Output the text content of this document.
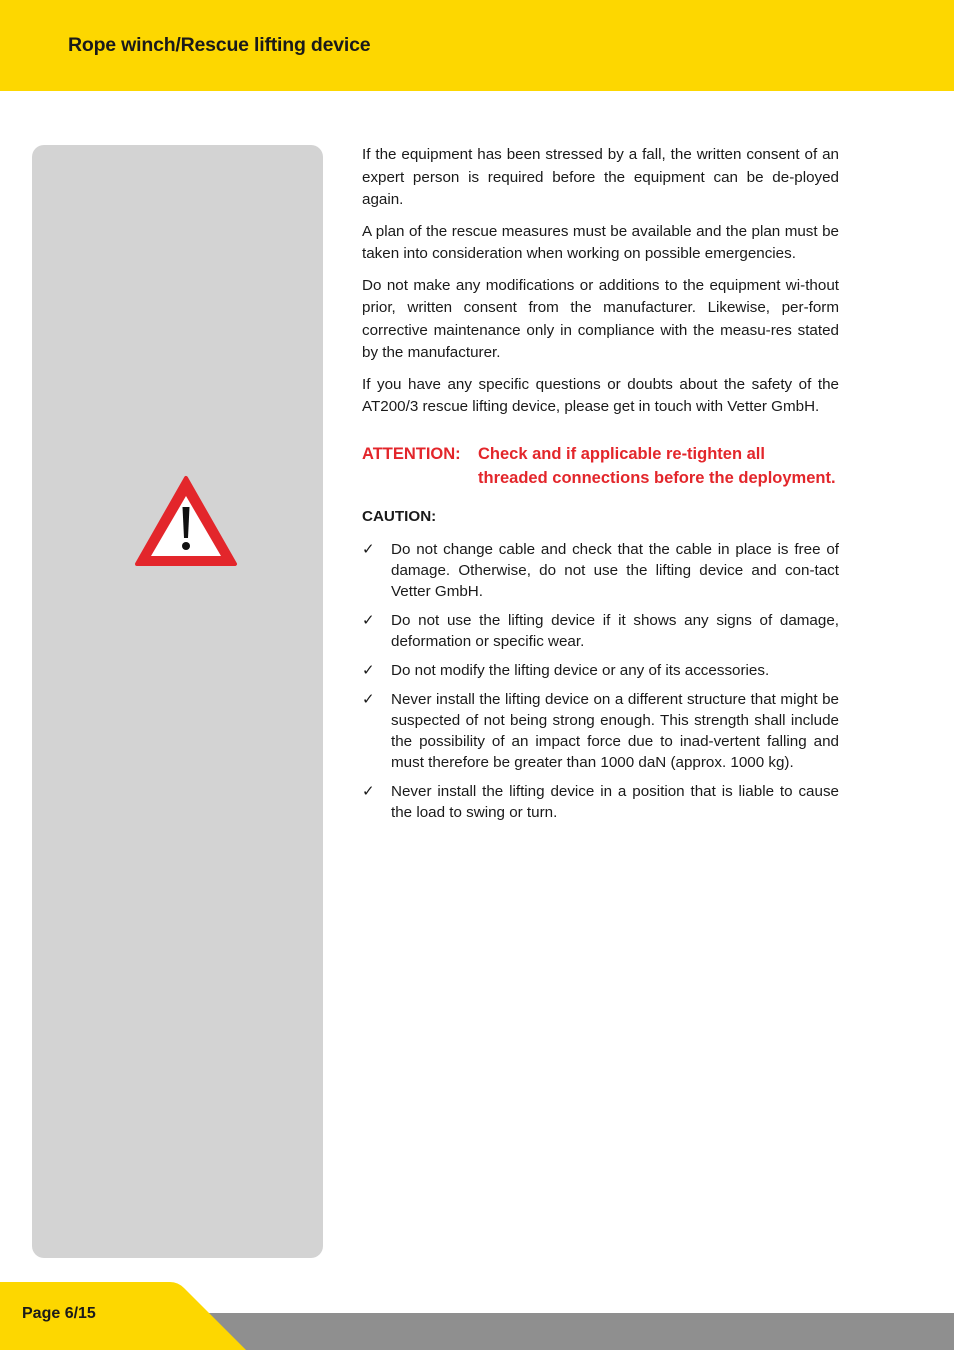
Rope winch/Rescue lifting device

If the equipment has been stressed by a fall, the written consent of an expert person is required before the equipment can be de-ployed again.

A plan of the rescue measures must be available and the plan must be taken into consideration when working on possible emergencies.

Do not make any modifications or additions to the equipment wi-thout prior, written consent from the manufacturer. Likewise, per-form corrective maintenance only in compliance with the measu-res stated by the manufacturer.

If you have any specific questions or doubts about the safety of the AT200/3 rescue lifting device, please get in touch with Vetter GmbH.

ATTENTION:	Check and if applicable re-tighten all threaded connections before the deployment.
CAUTION:
✓	Do not change cable and check that the cable in place is free of damage. Otherwise, do not use the lifting device and con-tact Vetter GmbH.
✓	Do not use the lifting device if it shows any signs of damage, deformation or specific wear.
✓	Do not modify the lifting device or any of its accessories.
✓	Never install the lifting device on a different structure that might be suspected of not being strong enough. This strength shall include the possibility of an impact force due to inad-vertent falling and must therefore be greater than 1000 daN (approx. 1000 kg).
✓	Never install the lifting device in a position that is liable to cause the load to swing or turn.
Page 6/15
